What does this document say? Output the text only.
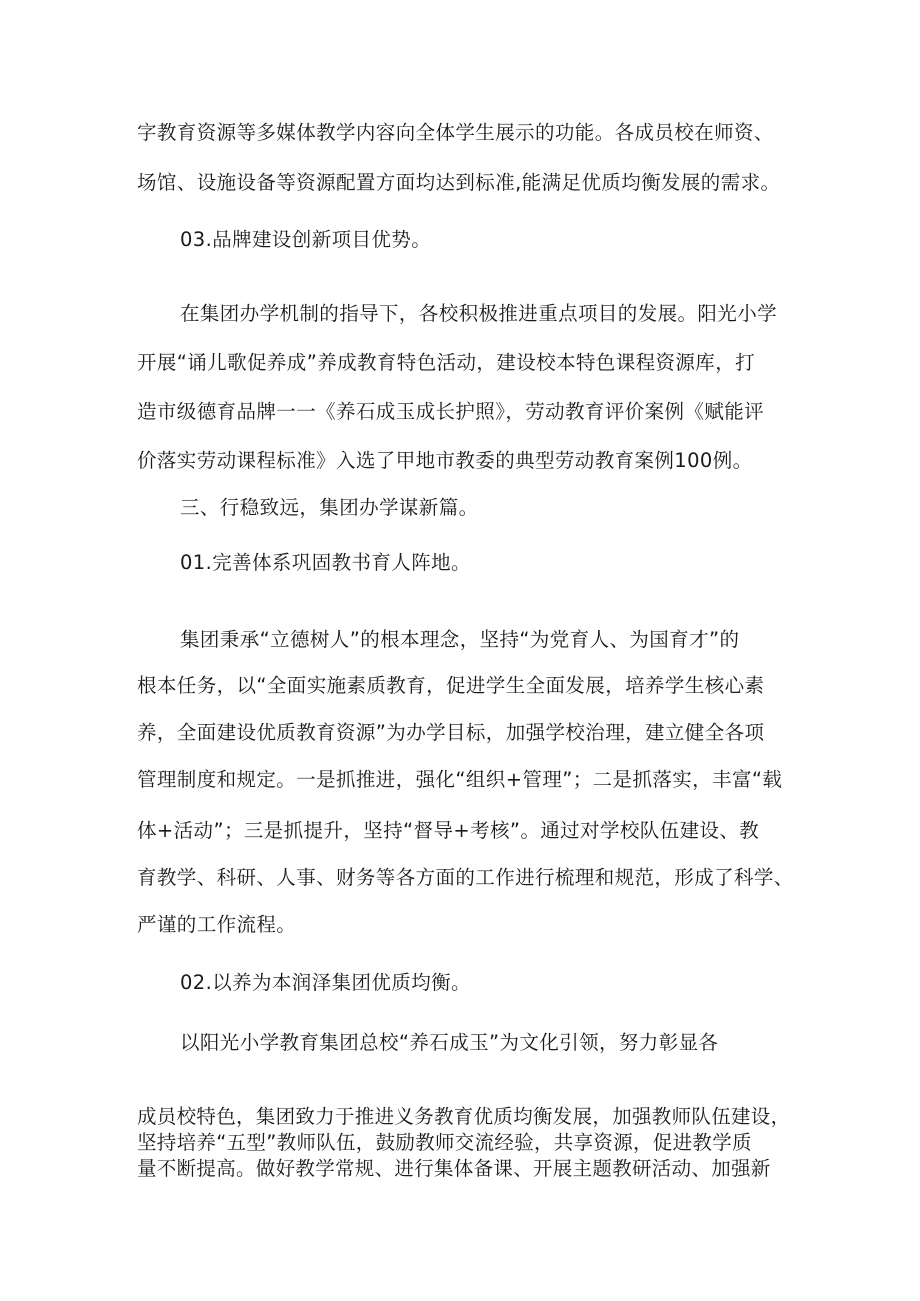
字教育资源等多媒体教学内容向全体学生展示的功能。各成员校在师资、
场馆、设施设备等资源配置方面均达到标准,能满足优质均衡发展的需求。
03.品牌建设创新项目优势。
在集团办学机制的指导下，各校积极推进重点项目的发展。阳光小学
开展“诵儿歌促养成”养成教育特色活动，建设校本特色课程资源库，打
造市级德育品牌一一《养石成玉成长护照》，劳动教育评价案例《赋能评
价落实劳动课程标准》入选了甲地市教委的典型劳动教育案例100例。
三、行稳致远，集团办学谋新篇。
01.完善体系巩固教书育人阵地。
集团秉承“立德树人”的根本理念，坚持“为党育人、为国育才”的
根本任务，以“全面实施素质教育，促进学生全面发展，培养学生核心素
养，全面建设优质教育资源”为办学目标，加强学校治理，建立健全各项
管理制度和规定。一是抓推进，强化“组织+管理”；二是抓落实，丰富“载
体+活动”；三是抓提升，坚持“督导+考核”。通过对学校队伍建设、教
育教学、科研、人事、财务等各方面的工作进行梳理和规范，形成了科学、
严谨的工作流程。
02.以养为本润泽集团优质均衡。
以阳光小学教育集团总校“养石成玉”为文化引领，努力彰显各
成员校特色，集团致力于推进义务教育优质均衡发展，加强教师队伍建设，
坚持培养“五型”教师队伍，鼓励教师交流经验，共享资源，促进教学质
量不断提高。做好教学常规、进行集体备课、开展主题教研活动、加强新
